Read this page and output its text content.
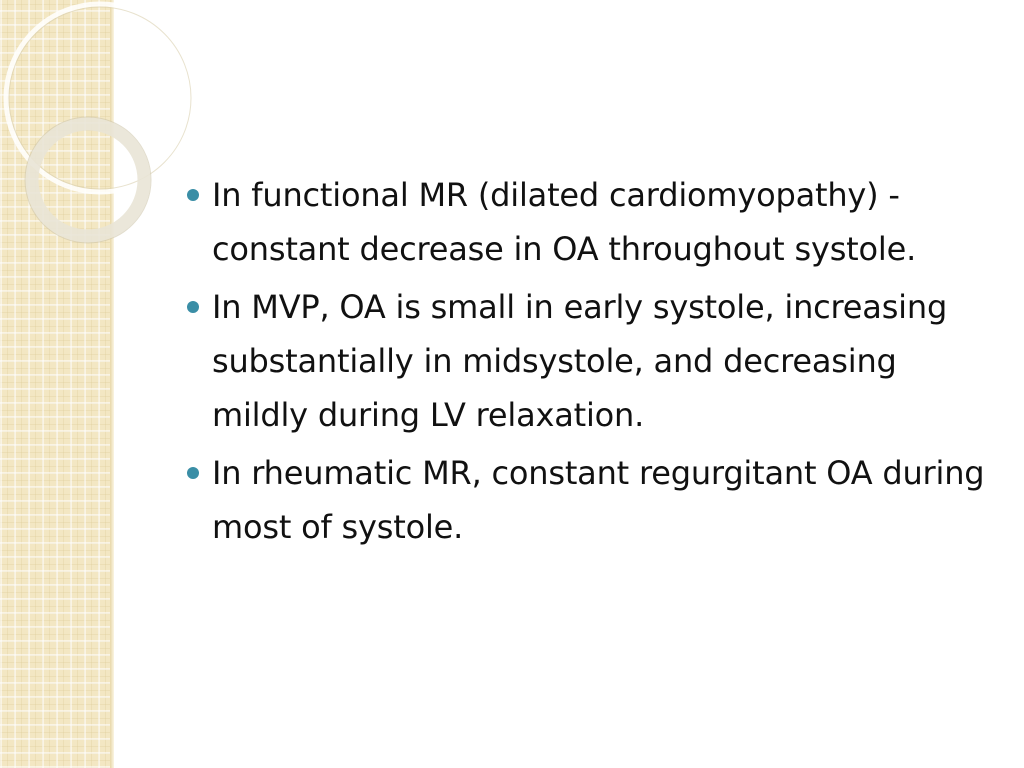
In functional MR (dilated cardiomyopathy) - constant decrease in OA throughout systole.
In MVP, OA is small in early systole, increasing substantially in midsystole, and decreasing mildly during LV relaxation.
In rheumatic MR, constant regurgitant OA during most of systole.
